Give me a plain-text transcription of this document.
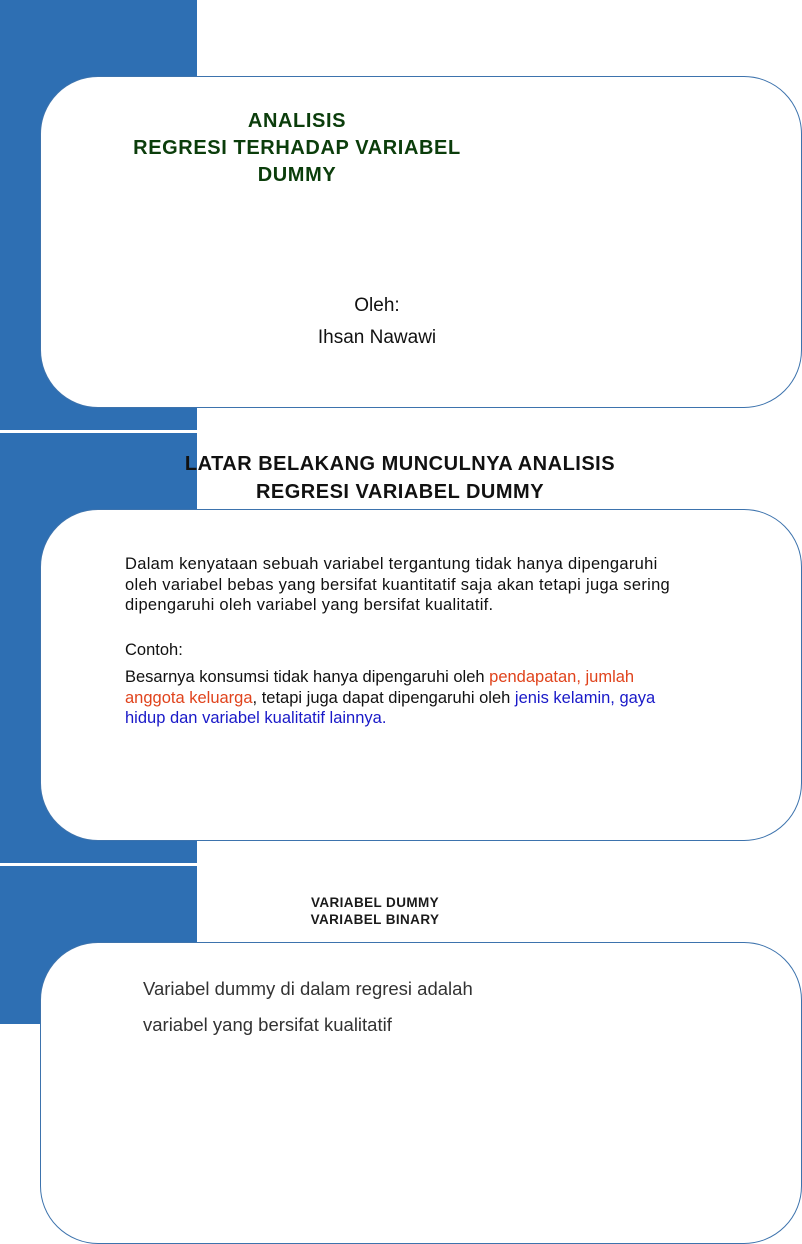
ANALISIS
REGRESI TERHADAP VARIABEL
DUMMY
Oleh:
Ihsan Nawawi
LATAR BELAKANG MUNCULNYA ANALISIS
REGRESI VARIABEL DUMMY

Dalam kenyataan sebuah variabel tergantung tidak hanya dipengaruhi oleh variabel bebas yang bersifat kuantitatif saja akan tetapi juga sering dipengaruhi oleh variabel yang bersifat kualitatif.

Contoh:

Besarnya konsumsi tidak hanya dipengaruhi oleh pendapatan, jumlah anggota keluarga, tetapi juga dapat dipengaruhi oleh jenis kelamin, gaya hidup dan variabel kualitatif lainnya.

VARIABEL DUMMY
VARIABEL BINARY
Variabel dummy di dalam regresi adalah
variabel yang bersifat kualitatif
